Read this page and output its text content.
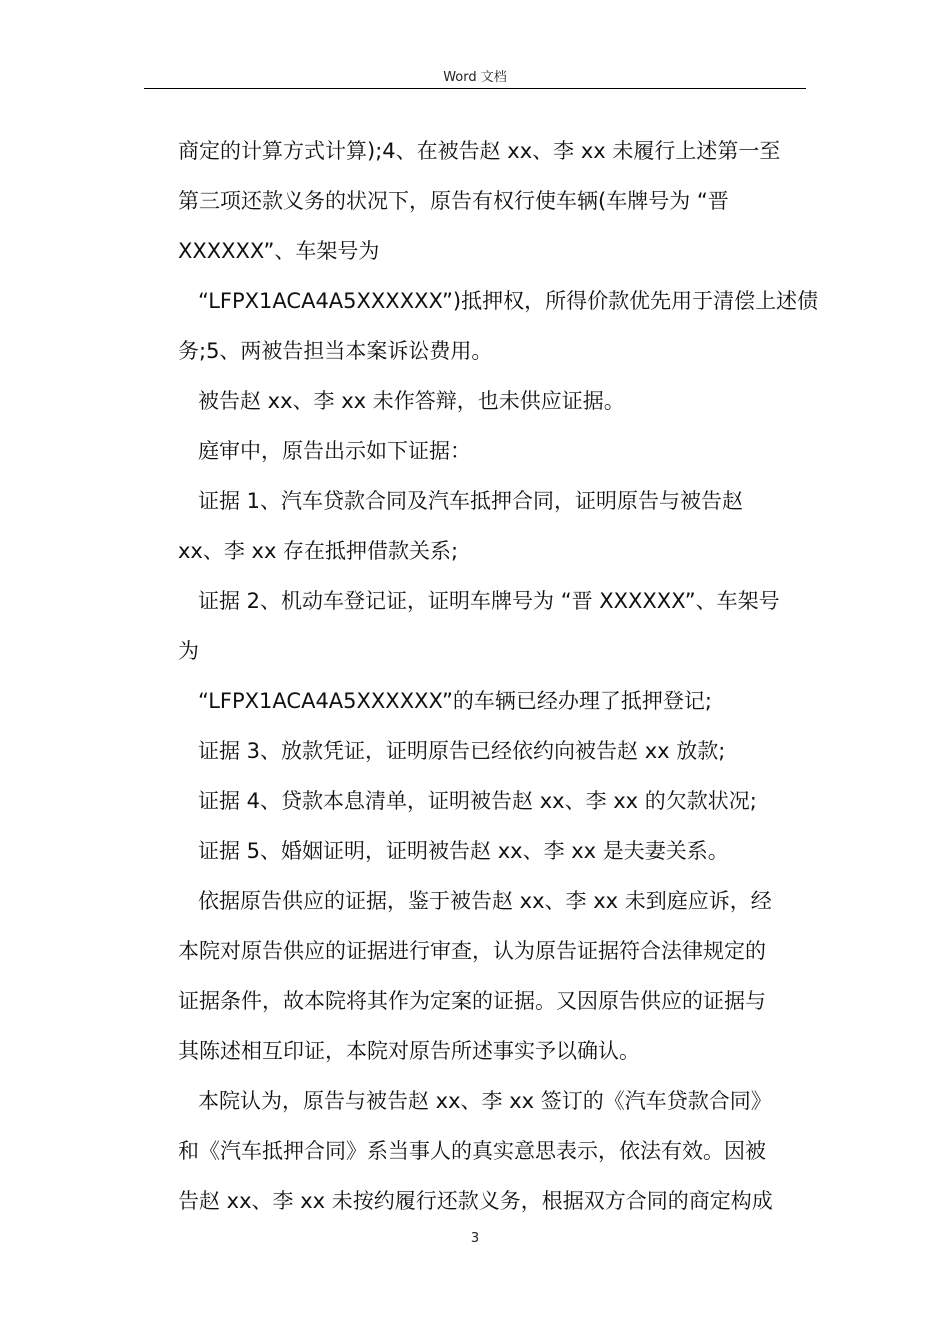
Word 文档

商定的计算方式计算);4、在被告赵 xx、李 xx 未履行上述第一至

第三项还款义务的状况下，原告有权行使车辆(车牌号为 “晋

XXXXXX”、车架号为

“LFPX1ACA4A5XXXXXX”)抵押权，所得价款优先用于清偿上述债

务;5、两被告担当本案诉讼费用。

被告赵 xx、李 xx 未作答辩，也未供应证据。

庭审中，原告出示如下证据：

证据 1、汽车贷款合同及汽车抵押合同，证明原告与被告赵

xx、李 xx 存在抵押借款关系;

证据 2、机动车登记证，证明车牌号为 “晋 XXXXXX”、车架号

为

“LFPX1ACA4A5XXXXXX”的车辆已经办理了抵押登记;

证据 3、放款凭证，证明原告已经依约向被告赵 xx 放款;

证据 4、贷款本息清单，证明被告赵 xx、李 xx 的欠款状况;

证据 5、婚姻证明，证明被告赵 xx、李 xx 是夫妻关系。

依据原告供应的证据，鉴于被告赵 xx、李 xx 未到庭应诉，经

本院对原告供应的证据进行审查，认为原告证据符合法律规定的

证据条件，故本院将其作为定案的证据。又因原告供应的证据与

其陈述相互印证，本院对原告所述事实予以确认。

本院认为，原告与被告赵 xx、李 xx 签订的《汽车贷款合同》

和《汽车抵押合同》系当事人的真实意思表示，依法有效。因被

告赵 xx、李 xx 未按约履行还款义务，根据双方合同的商定构成

3
